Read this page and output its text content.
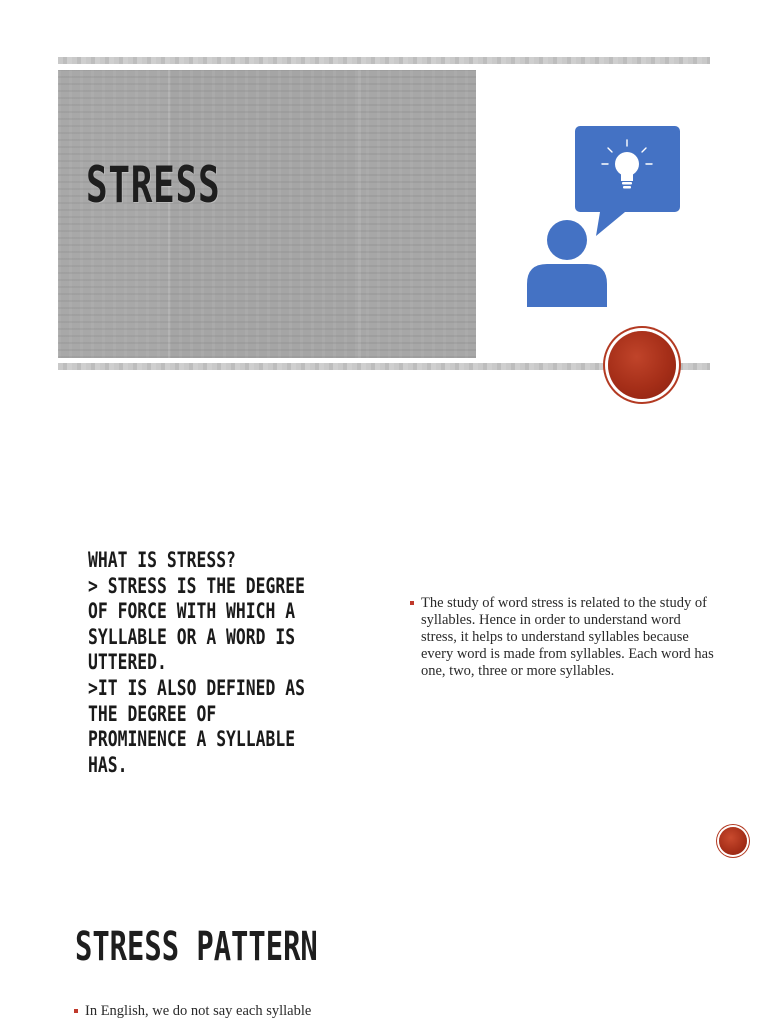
STRESS

WHAT IS STRESS?
> STRESS IS THE DEGREE OF FORCE WITH WHICH A SYLLABLE OR A WORD IS UTTERED.
>IT IS ALSO DEFINED AS THE DEGREE OF PROMINENCE A SYLLABLE HAS.

The study of word stress is related to the study of syllables. Hence in order to understand word stress, it helps to understand syllables because every word is made from syllables. Each word has one, two, three or more syllables.
STRESS PATTERN
In English, we do not say each syllable
